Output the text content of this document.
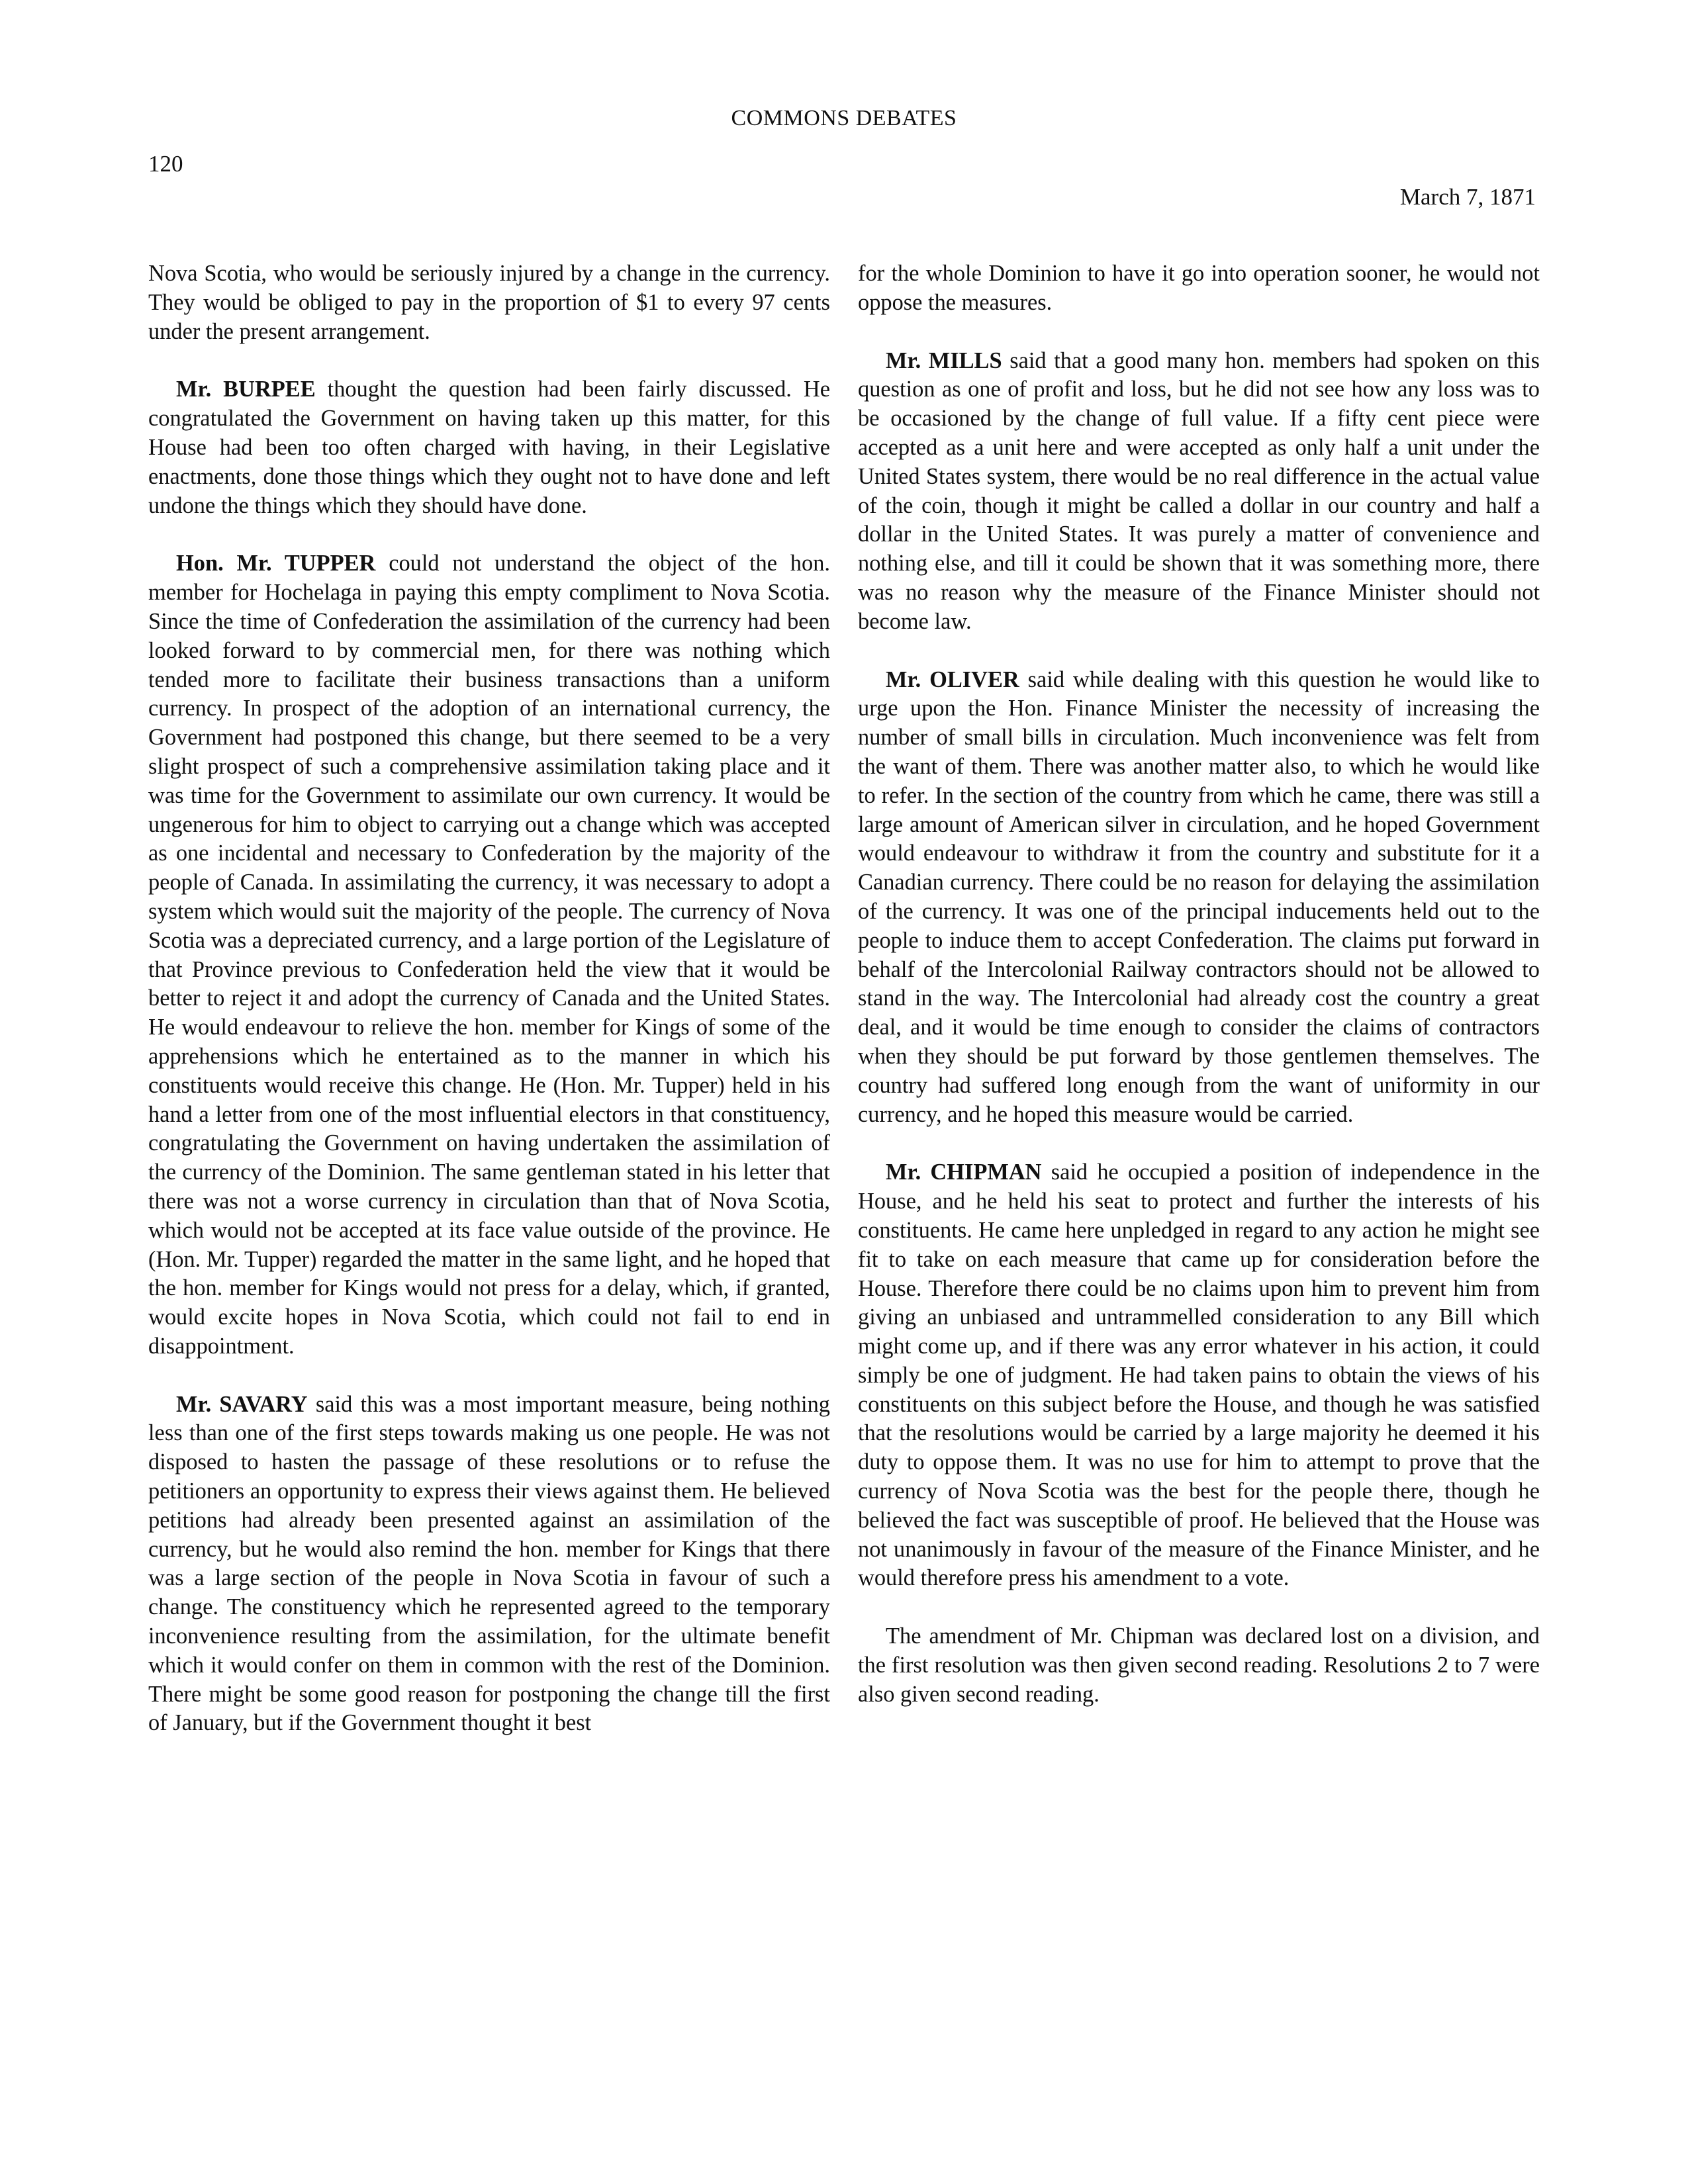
COMMONS DEBATES
120
March 7, 1871

Nova Scotia, who would be seriously injured by a change in the currency. They would be obliged to pay in the proportion of $1 to every 97 cents under the present arrangement.

Mr. BURPEE thought the question had been fairly discussed. He congratulated the Government on having taken up this matter, for this House had been too often charged with having, in their Legislative enactments, done those things which they ought not to have done and left undone the things which they should have done.

Hon. Mr. TUPPER could not understand the object of the hon. member for Hochelaga in paying this empty compliment to Nova Scotia. Since the time of Confederation the assimilation of the currency had been looked forward to by commercial men, for there was nothing which tended more to facilitate their business transactions than a uniform currency. In prospect of the adoption of an international currency, the Government had postponed this change, but there seemed to be a very slight prospect of such a comprehensive assimilation taking place and it was time for the Government to assimilate our own currency. It would be ungenerous for him to object to carrying out a change which was accepted as one incidental and necessary to Confederation by the majority of the people of Canada. In assimilating the currency, it was necessary to adopt a system which would suit the majority of the people. The currency of Nova Scotia was a depreciated currency, and a large portion of the Legislature of that Province previous to Confederation held the view that it would be better to reject it and adopt the currency of Canada and the United States. He would endeavour to relieve the hon. member for Kings of some of the apprehensions which he entertained as to the manner in which his constituents would receive this change. He (Hon. Mr. Tupper) held in his hand a letter from one of the most influential electors in that constituency, congratulating the Government on having undertaken the assimilation of the currency of the Dominion. The same gentleman stated in his letter that there was not a worse currency in circulation than that of Nova Scotia, which would not be accepted at its face value outside of the province. He (Hon. Mr. Tupper) regarded the matter in the same light, and he hoped that the hon. member for Kings would not press for a delay, which, if granted, would excite hopes in Nova Scotia, which could not fail to end in disappointment.

Mr. SAVARY said this was a most important measure, being nothing less than one of the first steps towards making us one people. He was not disposed to hasten the passage of these resolutions or to refuse the petitioners an opportunity to express their views against them. He believed petitions had already been presented against an assimilation of the currency, but he would also remind the hon. member for Kings that there was a large section of the people in Nova Scotia in favour of such a change. The constituency which he represented agreed to the temporary inconvenience resulting from the assimilation, for the ultimate benefit which it would confer on them in common with the rest of the Dominion. There might be some good reason for postponing the change till the first of January, but if the Government thought it best

for the whole Dominion to have it go into operation sooner, he would not oppose the measures.

Mr. MILLS said that a good many hon. members had spoken on this question as one of profit and loss, but he did not see how any loss was to be occasioned by the change of full value. If a fifty cent piece were accepted as a unit here and were accepted as only half a unit under the United States system, there would be no real difference in the actual value of the coin, though it might be called a dollar in our country and half a dollar in the United States. It was purely a matter of convenience and nothing else, and till it could be shown that it was something more, there was no reason why the measure of the Finance Minister should not become law.

Mr. OLIVER said while dealing with this question he would like to urge upon the Hon. Finance Minister the necessity of increasing the number of small bills in circulation. Much inconvenience was felt from the want of them. There was another matter also, to which he would like to refer. In the section of the country from which he came, there was still a large amount of American silver in circulation, and he hoped Government would endeavour to withdraw it from the country and substitute for it a Canadian currency. There could be no reason for delaying the assimilation of the currency. It was one of the principal inducements held out to the people to induce them to accept Confederation. The claims put forward in behalf of the Intercolonial Railway contractors should not be allowed to stand in the way. The Intercolonial had already cost the country a great deal, and it would be time enough to consider the claims of contractors when they should be put forward by those gentlemen themselves. The country had suffered long enough from the want of uniformity in our currency, and he hoped this measure would be carried.

Mr. CHIPMAN said he occupied a position of independence in the House, and he held his seat to protect and further the interests of his constituents. He came here unpledged in regard to any action he might see fit to take on each measure that came up for consideration before the House. Therefore there could be no claims upon him to prevent him from giving an unbiased and untrammelled consideration to any Bill which might come up, and if there was any error whatever in his action, it could simply be one of judgment. He had taken pains to obtain the views of his constituents on this subject before the House, and though he was satisfied that the resolutions would be carried by a large majority he deemed it his duty to oppose them. It was no use for him to attempt to prove that the currency of Nova Scotia was the best for the people there, though he believed the fact was susceptible of proof. He believed that the House was not unanimously in favour of the measure of the Finance Minister, and he would therefore press his amendment to a vote.

The amendment of Mr. Chipman was declared lost on a division, and the first resolution was then given second reading. Resolutions 2 to 7 were also given second reading.
